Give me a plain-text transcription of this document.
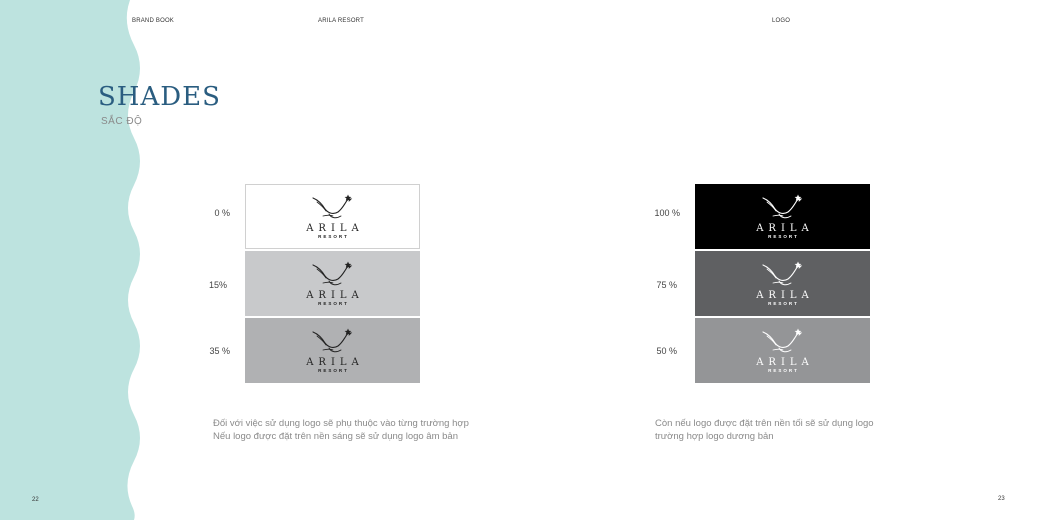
BRAND BOOK	ARILA RESORT	LOGO
SHADES
SẮC ĐỘ
0 %
15%
35 %
ARILA
RESORT
ARILA
RESORT
ARILA
RESORT
Đối với việc sử dụng logo sẽ phụ thuộc vào từng trường hợp
Nếu logo được đặt trên nền sáng sẽ sử dụng logo âm bản
100 %
75 %
50 %
ARILA
RESORT
ARILA
RESORT
ARILA
RESORT
Còn nếu logo được đặt trên nền tối sẽ sử dụng logo
trường hợp logo dương bản
22	23
